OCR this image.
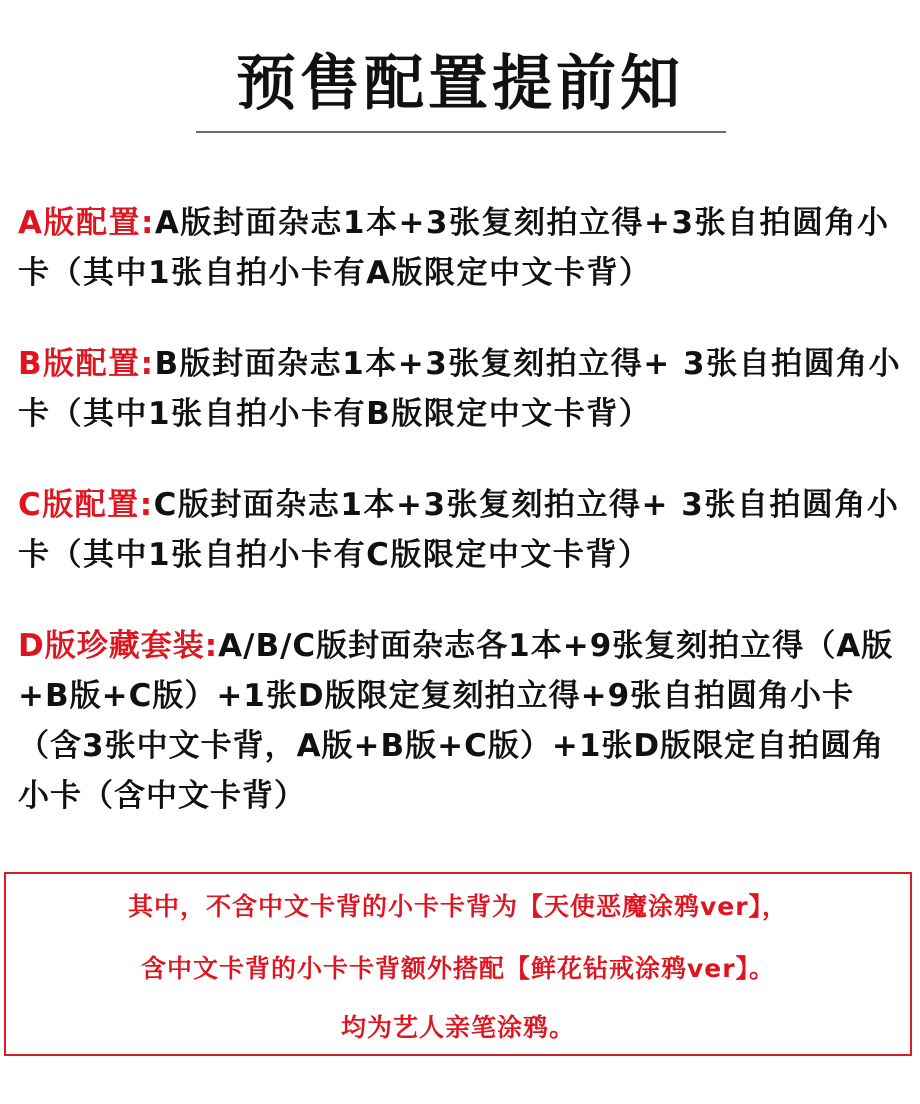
预售配置提前知

A版配置:A版封面杂志1本+3张复刻拍立得+3张自拍圆角小卡（其中1张自拍小卡有A版限定中文卡背）

B版配置:B版封面杂志1本+3张复刻拍立得+ 3张自拍圆角小卡（其中1张自拍小卡有B版限定中文卡背）

C版配置:C版封面杂志1本+3张复刻拍立得+ 3张自拍圆角小卡（其中1张自拍小卡有C版限定中文卡背）

D版珍藏套装:A/B/C版封面杂志各1本+9张复刻拍立得（A版+B版+C版）+1张D版限定复刻拍立得+9张自拍圆角小卡（含3张中文卡背，A版+B版+C版）+1张D版限定自拍圆角小卡（含中文卡背）

其中，不含中文卡背的小卡卡背为【天使恶魔涂鸦ver】，
含中文卡背的小卡卡背额外搭配【鲜花钻戒涂鸦ver】。
均为艺人亲笔涂鸦。
